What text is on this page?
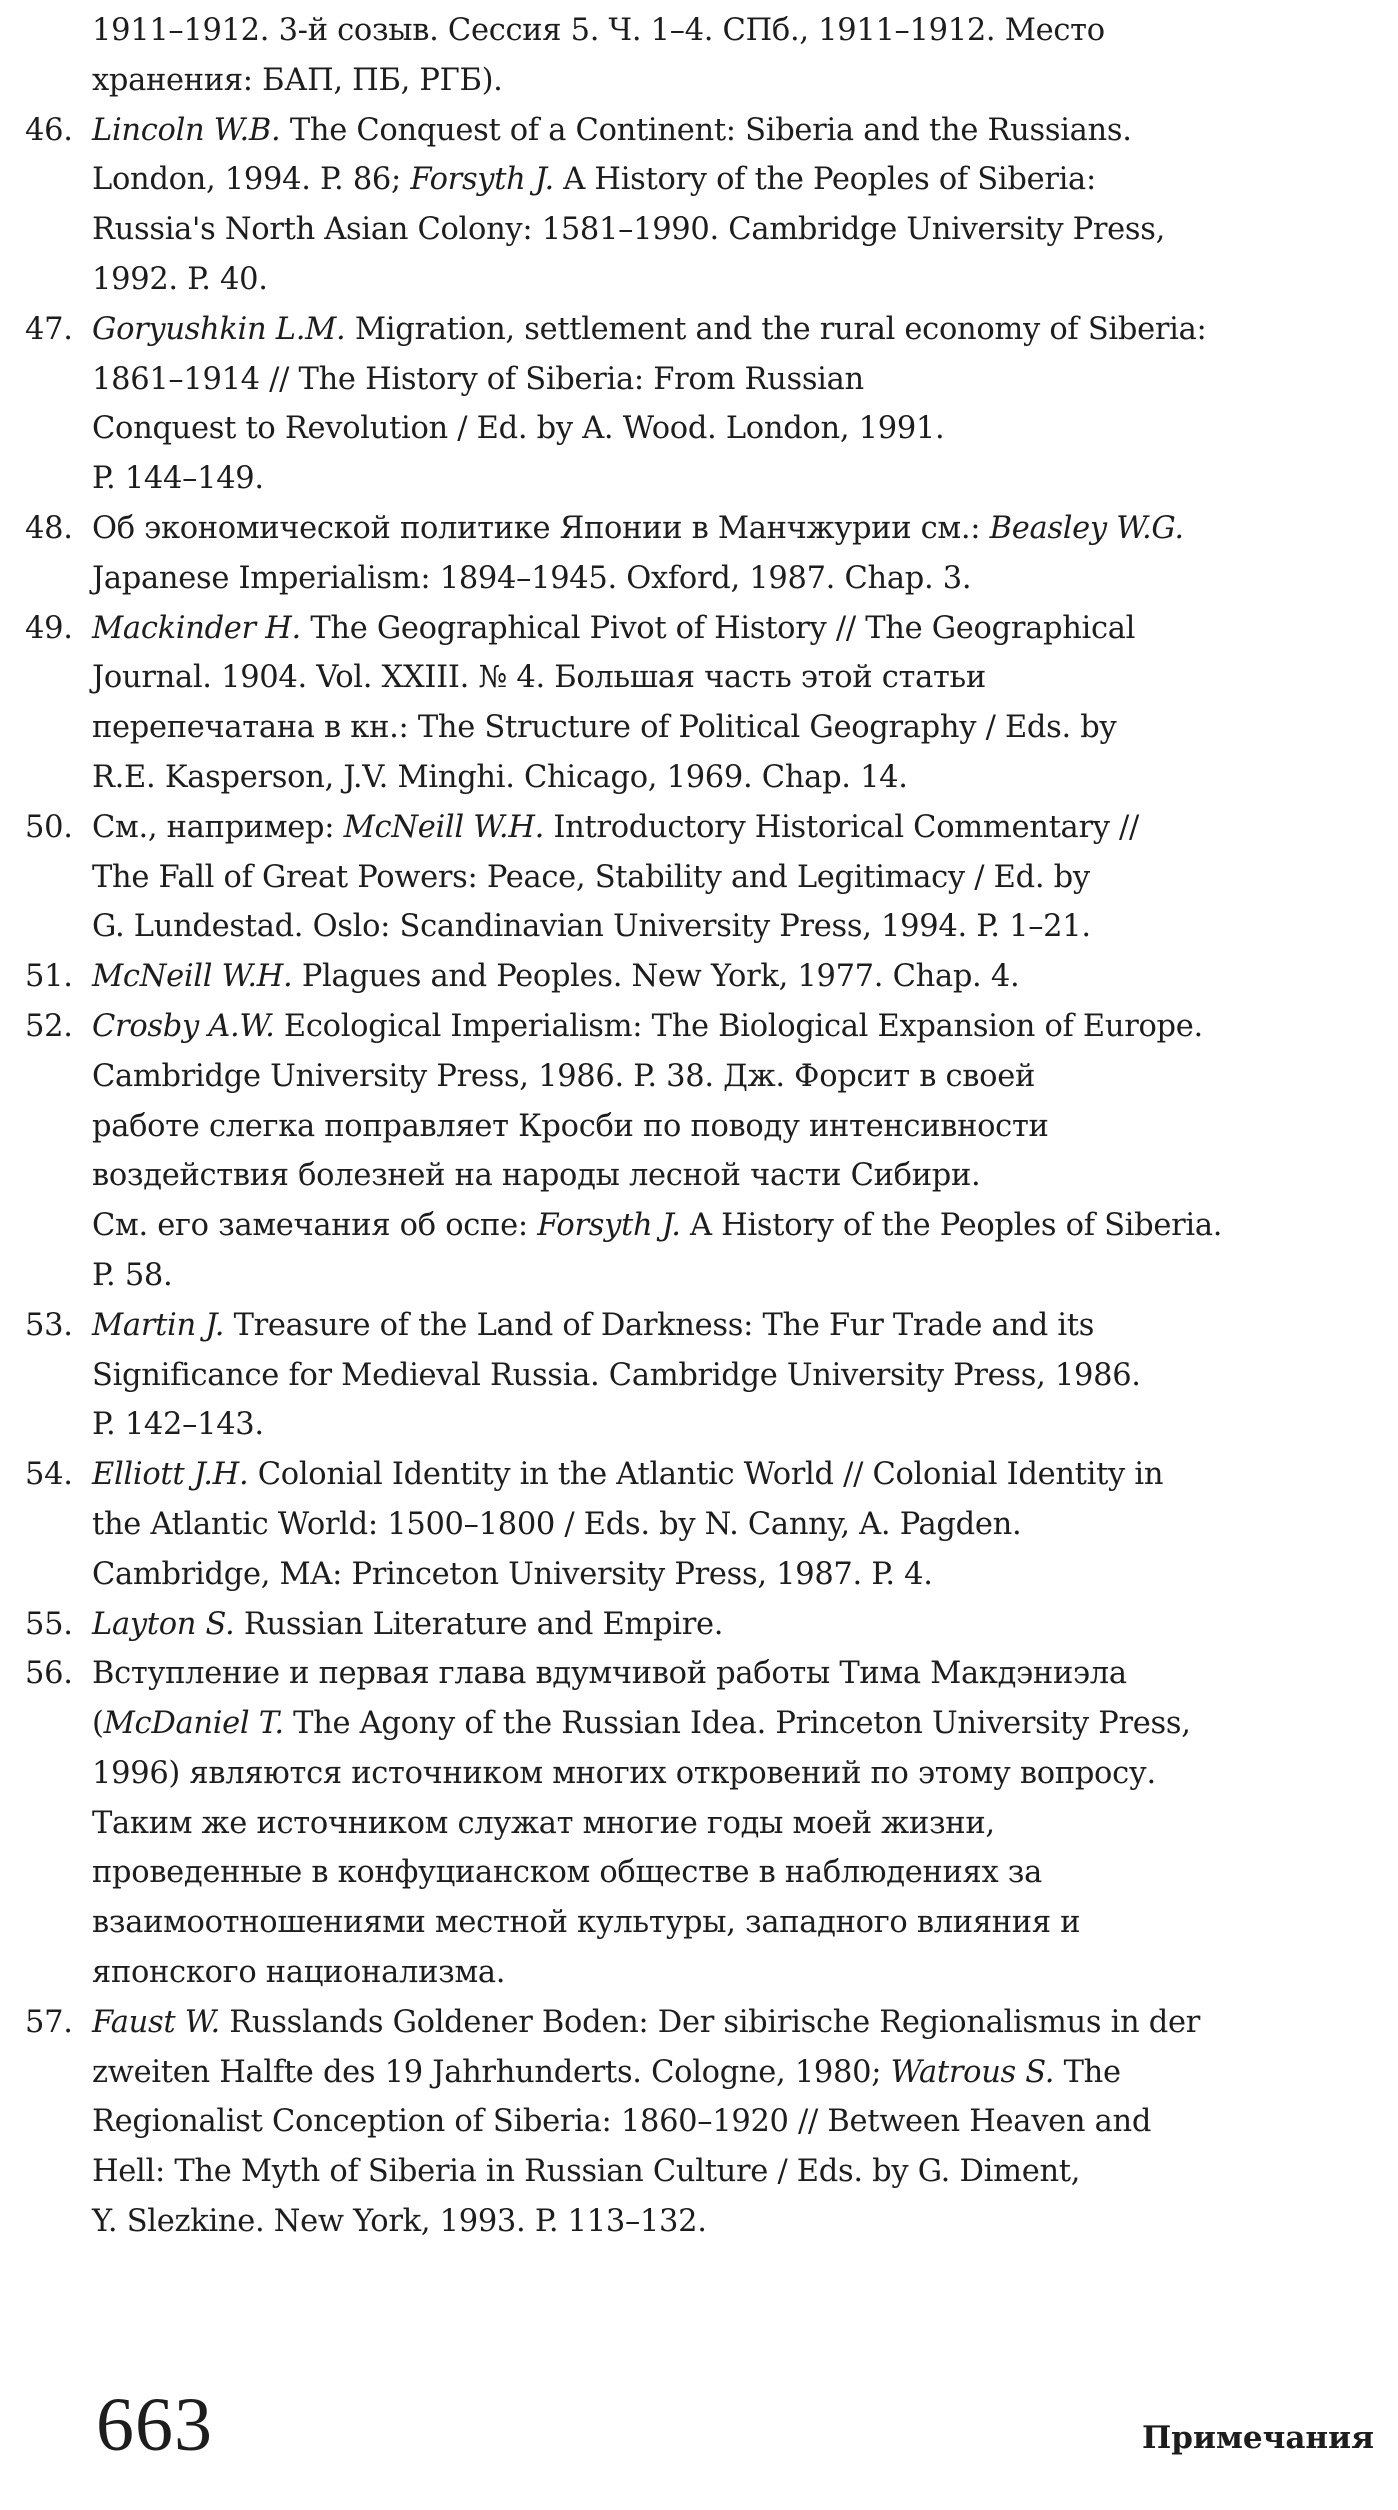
1911–1912. 3-й созыв. Сессия 5. Ч. 1–4. СПб., 1911–1912. Место
хранения: БАП, ПБ, РГБ).
46. Lincoln W.B. The Conquest of a Continent: Siberia and the Russians.
London, 1994. P. 86; Forsyth J. A History of the Peoples of Siberia:
Russia's North Asian Colony: 1581–1990. Cambridge University Press,
1992. P. 40.
47. Goryushkin L.M. Migration, settlement and the rural economy of Siberia:
1861–1914 // The History of Siberia: From Russian
Conquest to Revolution / Ed. by A. Wood. London, 1991.
P. 144–149.
48. Об экономической политике Японии в Манчжурии см.: Beasley W.G.
Japanese Imperialism: 1894–1945. Oxford, 1987. Chap. 3.
49. Mackinder H. The Geographical Pivot of History // The Geographical
Journal. 1904. Vol. XXIII. № 4. Большая часть этой статьи
перепечатана в кн.: The Structure of Political Geography / Eds. by
R.E. Kasperson, J.V. Minghi. Chicago, 1969. Chap. 14.
50. См., например: McNeill W.H. Introductory Historical Commentary //
The Fall of Great Powers: Peace, Stability and Legitimacy / Ed. by
G. Lundestad. Oslo: Scandinavian University Press, 1994. P. 1–21.
51. McNeill W.H. Plagues and Peoples. New York, 1977. Chap. 4.
52. Crosby A.W. Ecological Imperialism: The Biological Expansion of Europe.
Cambridge University Press, 1986. P. 38. Дж. Форсит в своей
работе слегка поправляет Кросби по поводу интенсивности
воздействия болезней на народы лесной части Сибири.
См. его замечания об оспе: Forsyth J. A History of the Peoples of Siberia.
P. 58.
53. Martin J. Treasure of the Land of Darkness: The Fur Trade and its
Significance for Medieval Russia. Cambridge University Press, 1986.
P. 142–143.
54. Elliott J.H. Colonial Identity in the Atlantic World // Colonial Identity in
the Atlantic World: 1500–1800 / Eds. by N. Canny, A. Pagden.
Cambridge, MA: Princeton University Press, 1987. P. 4.
55. Layton S. Russian Literature and Empire.
56. Вступление и первая глава вдумчивой работы Тима Макдэниэла
(McDaniel T. The Agony of the Russian Idea. Princeton University Press,
1996) являются источником многих откровений по этому вопросу.
Таким же источником служат многие годы моей жизни,
проведенные в конфуцианском обществе в наблюдениях за
взаимоотношениями местной культуры, западного влияния и
японского национализма.
57. Faust W. Russlands Goldener Boden: Der sibirische Regionalismus in der
zweiten Halfte des 19 Jahrhunderts. Cologne, 1980; Watrous S. The
Regionalist Conception of Siberia: 1860–1920 // Between Heaven and
Hell: The Myth of Siberia in Russian Culture / Eds. by G. Diment,
Y. Slezkine. New York, 1993. P. 113–132.
663	Примечания
